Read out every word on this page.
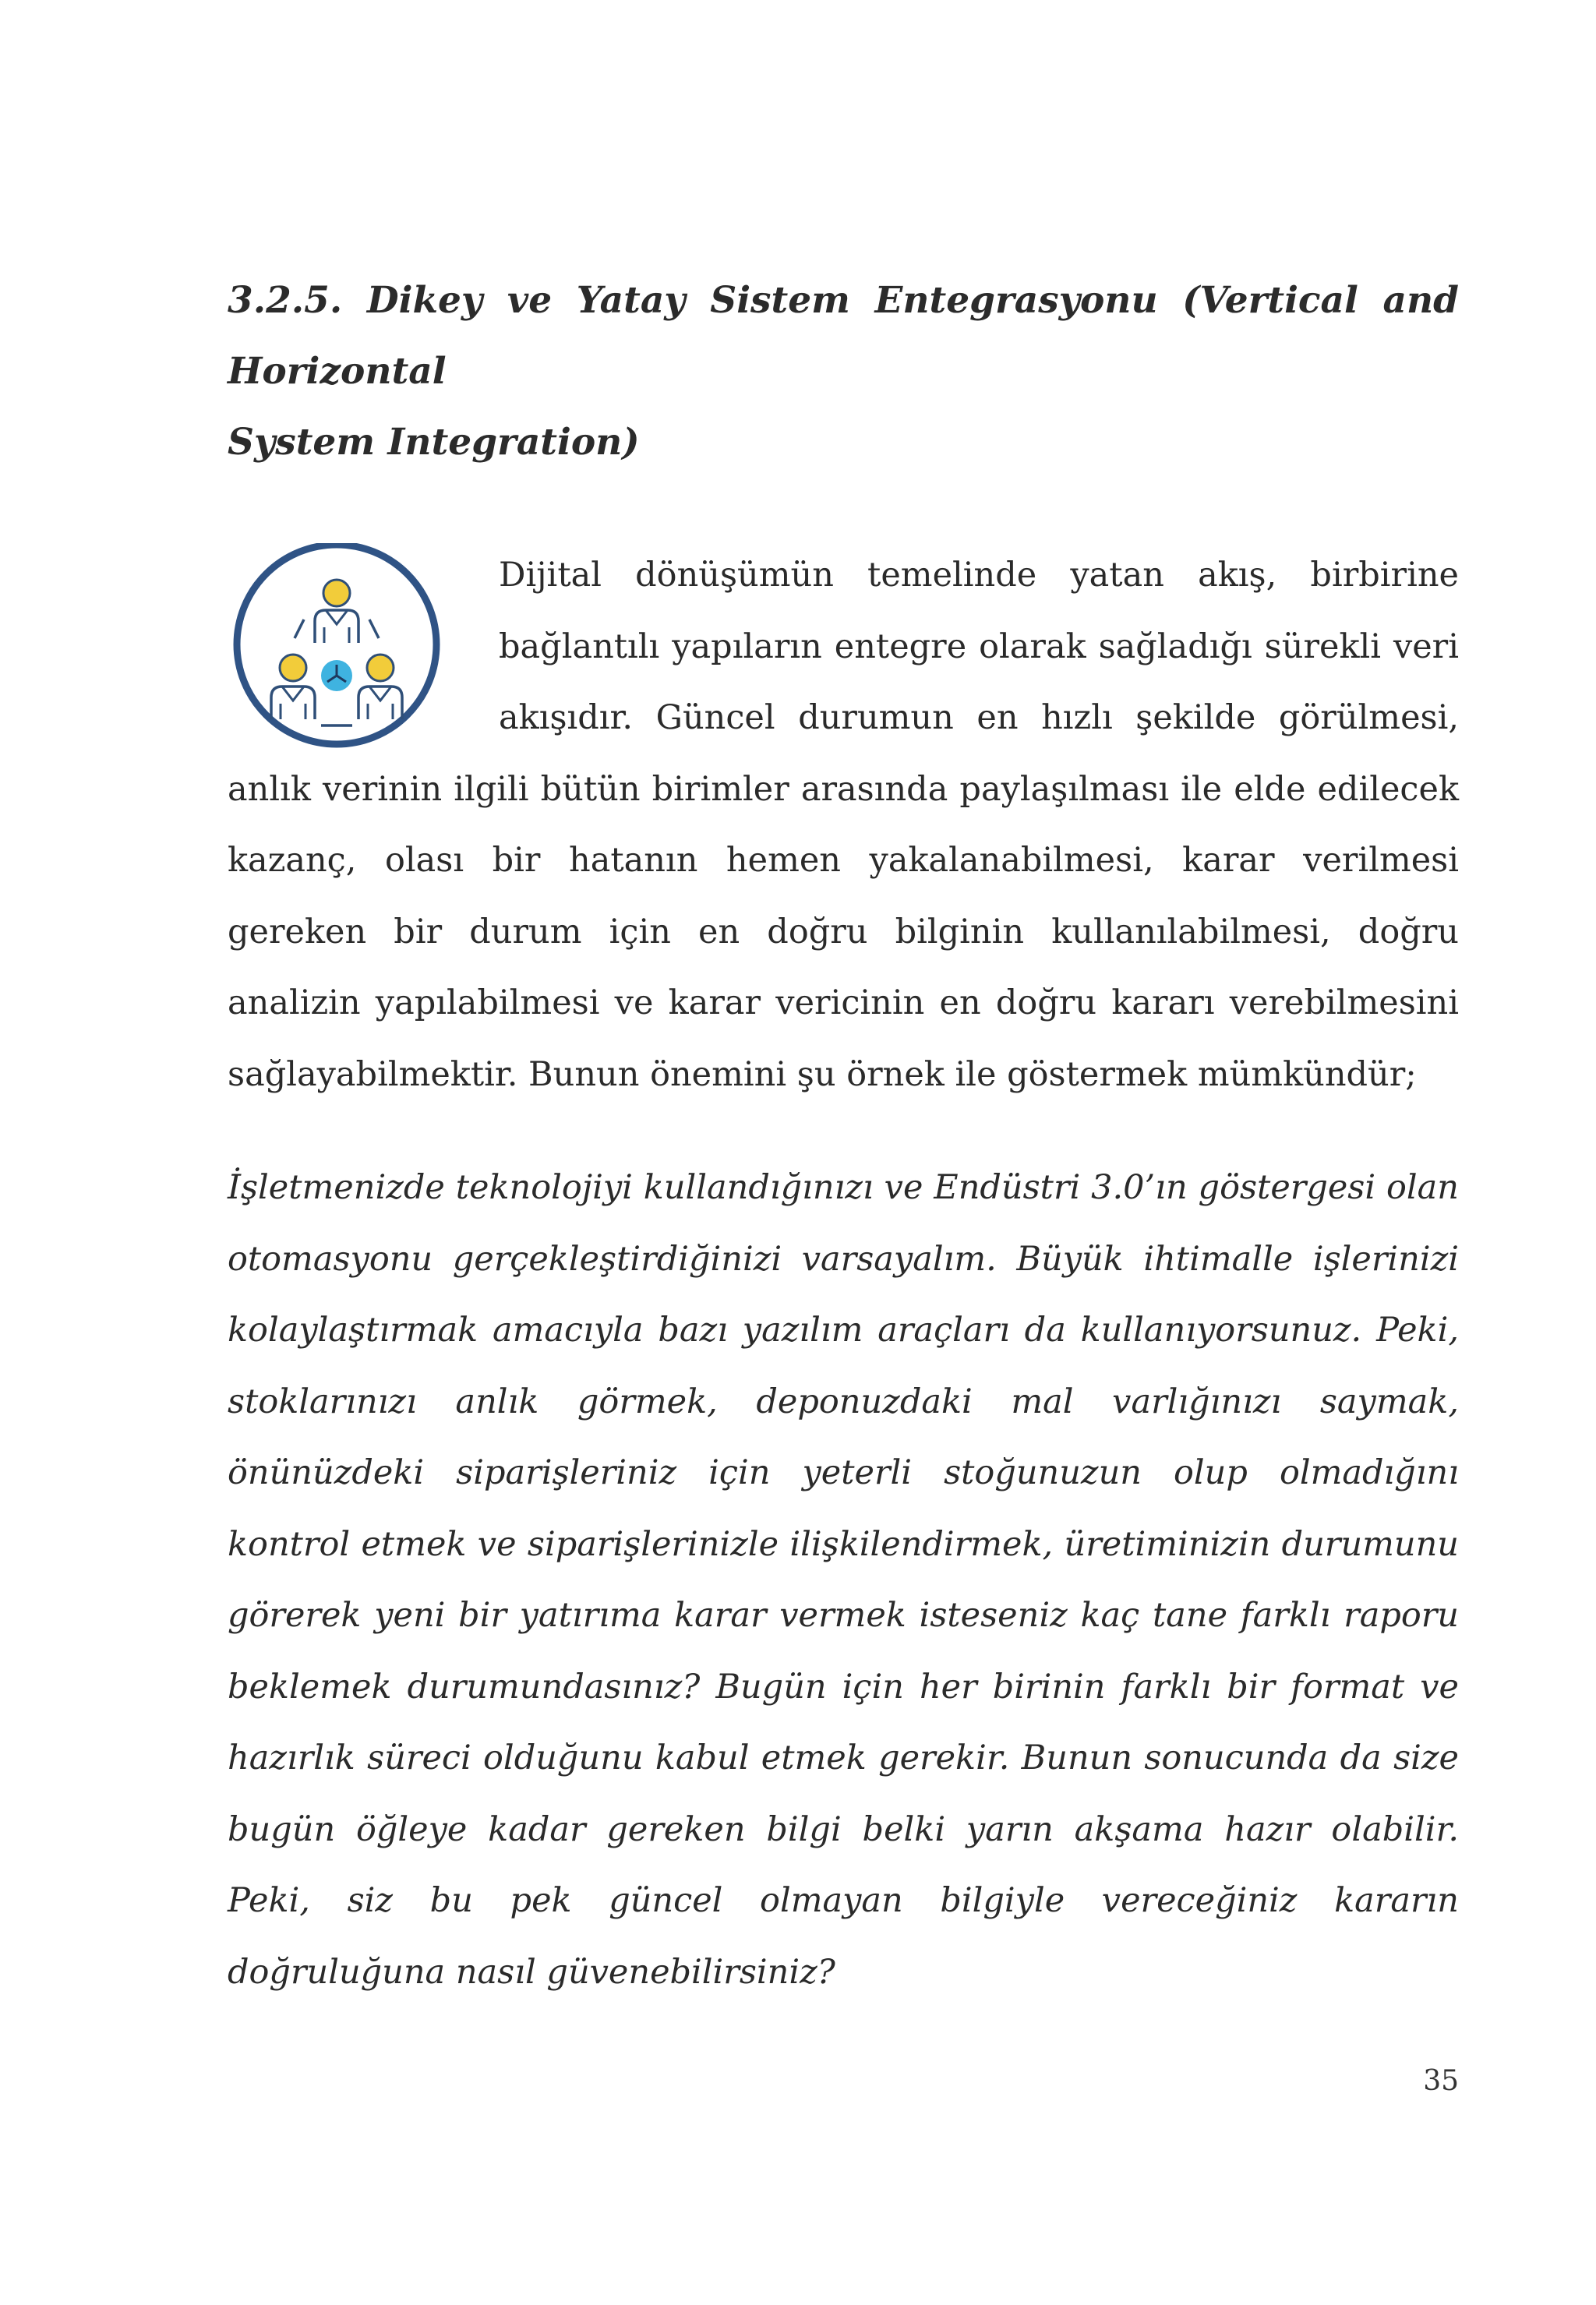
3.2.5. Dikey ve Yatay Sistem Entegrasyonu (Vertical and Horizontal
System Integration)

Dijital dönüşümün temelinde yatan akış, birbirine bağlantılı yapıların entegre olarak sağladığı sürekli veri akışıdır. Güncel durumun en hızlı şekilde görülmesi, anlık verinin ilgili bütün birimler arasında paylaşılması ile elde edilecek kazanç, olası bir hatanın hemen yakalanabilmesi, karar verilmesi gereken bir durum için en doğru bilginin kullanılabilmesi, doğru analizin yapılabilmesi ve karar vericinin en doğru kararı verebilmesini sağlayabilmektir. Bunun önemini şu örnek ile göstermek mümkündür;

İşletmenizde teknolojiyi kullandığınızı ve Endüstri 3.0’ın göstergesi olan otomasyonu gerçekleştirdiğinizi varsayalım. Büyük ihtimalle işlerinizi kolaylaştırmak amacıyla bazı yazılım araçları da kullanıyorsunuz. Peki, stoklarınızı anlık görmek, deponuzdaki mal varlığınızı saymak, önünüzdeki siparişleriniz için yeterli stoğunuzun olup olmadığını kontrol etmek ve siparişlerinizle ilişkilendirmek, üretiminizin durumunu görerek yeni bir yatırıma karar vermek isteseniz kaç tane farklı raporu beklemek durumundasınız? Bugün için her birinin farklı bir format ve hazırlık süreci olduğunu kabul etmek gerekir. Bunun sonucunda da size bugün öğleye kadar gereken bilgi belki yarın akşama hazır olabilir. Peki, siz bu pek güncel olmayan bilgiyle vereceğiniz kararın doğruluğuna nasıl güvenebilirsiniz?

35
